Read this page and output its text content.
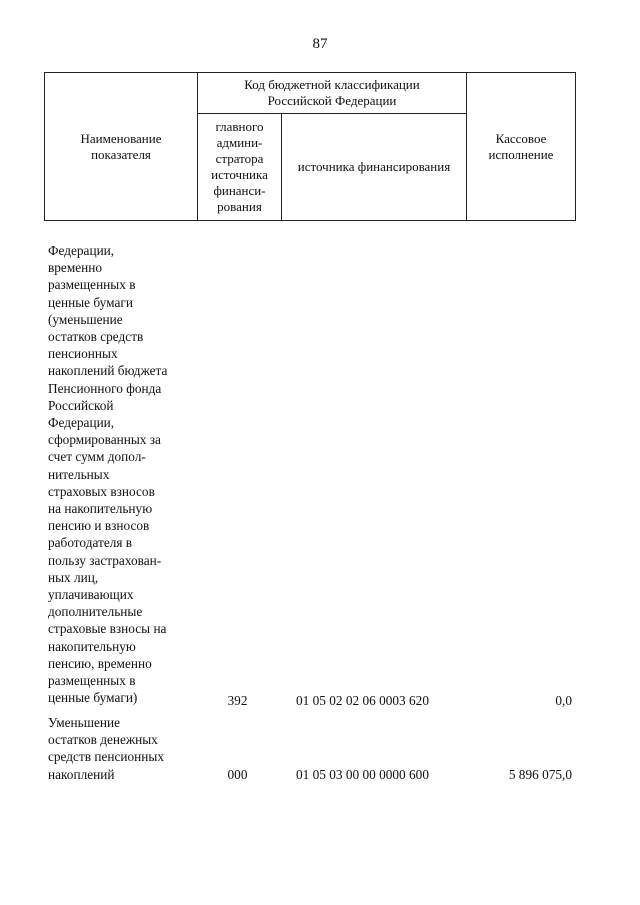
87
Наименование
показателя
Код бюджетной классификации
Российской Федерации
главного
админи-
стратора
источника
финанси-
рования
источника финансирования
Кассовое
исполнение
Федерации,
временно
размещенных в
ценные бумаги
(уменьшение
остатков средств
пенсионных
накоплений бюджета
Пенсионного фонда
Российской
Федерации,
сформированных за
счет сумм допол-
нительных
страховых взносов
на накопительную
пенсию и взносов
работодателя в
пользу застрахован-
ных лиц,
уплачивающих
дополнительные
страховые взносы на
накопительную
пенсию, временно
размещенных в
ценные бумаги)	392	01 05 02 02 06 0003 620	0,0
Уменьшение
остатков денежных
средств пенсионных
накоплений	000	01 05 03 00 00 0000 600	5 896 075,0
